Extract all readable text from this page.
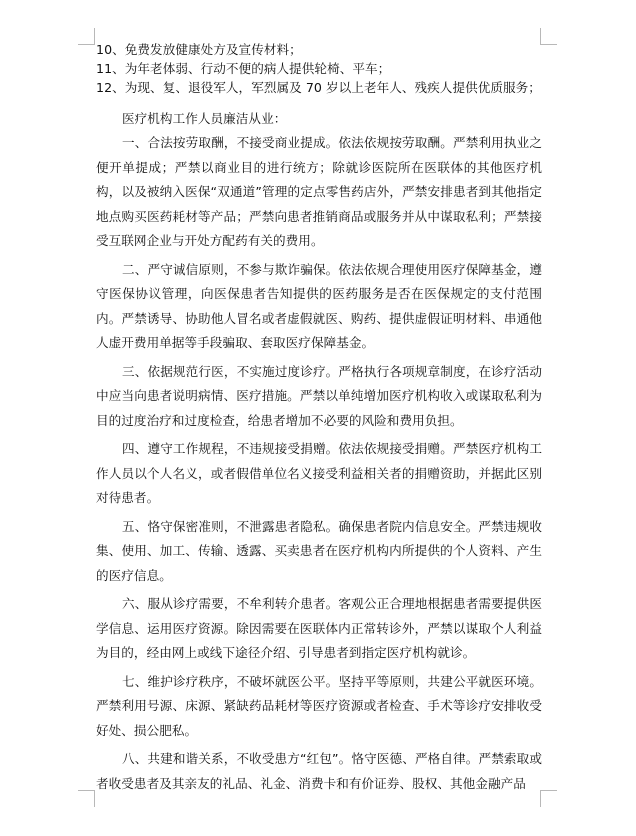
10、免费发放健康处方及宣传材料；
11、为年老体弱、行动不便的病人提供轮椅、平车；
12、为现、复、退役军人，军烈属及 70 岁以上老年人、残疾人提供优质服务；
医疗机构工作人员廉洁从业：

一、合法按劳取酬，不接受商业提成。依法依规按劳取酬。严禁利用执业之便开单提成；严禁以商业目的进行统方；除就诊医院所在医联体的其他医疗机构，以及被纳入医保“双通道”管理的定点零售药店外，严禁安排患者到其他指定地点购买医药耗材等产品；严禁向患者推销商品或服务并从中谋取私利；严禁接受互联网企业与开处方配药有关的费用。

二、严守诚信原则，不参与欺诈骗保。依法依规合理使用医疗保障基金，遵守医保协议管理，向医保患者告知提供的医药服务是否在医保规定的支付范围内。严禁诱导、协助他人冒名或者虚假就医、购药、提供虚假证明材料、串通他人虚开费用单据等手段骗取、套取医疗保障基金。

三、依据规范行医，不实施过度诊疗。严格执行各项规章制度，在诊疗活动中应当向患者说明病情、医疗措施。严禁以单纯增加医疗机构收入或谋取私利为目的过度治疗和过度检查，给患者增加不必要的风险和费用负担。

四、遵守工作规程，不违规接受捐赠。依法依规接受捐赠。严禁医疗机构工作人员以个人名义，或者假借单位名义接受利益相关者的捐赠资助，并据此区别对待患者。

五、恪守保密准则，不泄露患者隐私。确保患者院内信息安全。严禁违规收集、使用、加工、传输、透露、买卖患者在医疗机构内所提供的个人资料、产生的医疗信息。

六、服从诊疗需要，不牟利转介患者。客观公正合理地根据患者需要提供医学信息、运用医疗资源。除因需要在医联体内正常转诊外，严禁以谋取个人利益为目的，经由网上或线下途径介绍、引导患者到指定医疗机构就诊。

七、维护诊疗秩序，不破坏就医公平。坚持平等原则，共建公平就医环境。严禁利用号源、床源、紧缺药品耗材等医疗资源或者检查、手术等诊疗安排收受好处、损公肥私。

八、共建和谐关系，不收受患方“红包”。恪守医德、严格自律。严禁索取或者收受患者及其亲友的礼品、礼金、消费卡和有价证券、股权、其他金融产品
